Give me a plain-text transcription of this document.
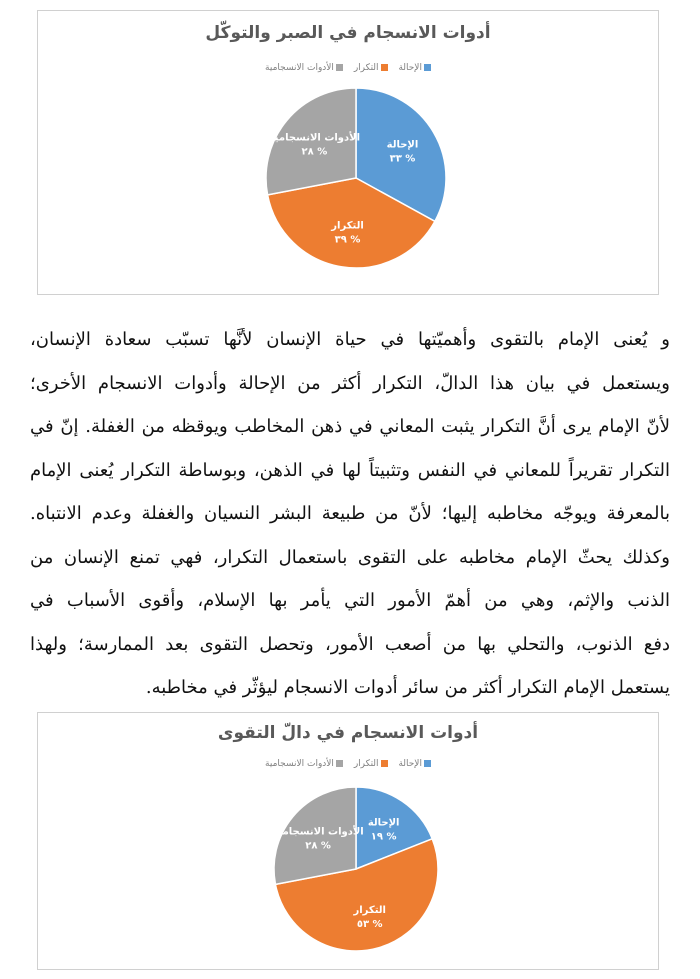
أدوات الانسجام في الصبر والتوكّل
الإحالة التكرار الأدوات الانسجامية
الإحالة
٣٣ %
التكرار
٣٩ %
الأدوات الانسجامية
٢٨ %
و يُعنى الإمام بالتقوى وأهميّتها في حياة الإنسان لأنَّها تسبّب سعادة الإنسان،
ويستعمل في بيان هذا الدالّ، التكرار أكثر من الإحالة وأدوات الانسجام الأخرى؛
لأنّ الإمام يرى أنَّ التكرار يثبت المعاني في ذهن المخاطب ويوقظه من الغفلة. إنّ في
التكرار تقريراً للمعاني في النفس وتثبيتاً لها في الذهن، وبوساطة التكرار يُعنى الإمام
بالمعرفة ويوجّه مخاطبه إليها؛ لأنّ من طبيعة البشر النسيان والغفلة وعدم الانتباه.
وكذلك يحثّ الإمام مخاطبه على التقوى باستعمال التكرار، فهي تمنع الإنسان من
الذنب والإثم، وهي من أهمّ الأمور التي يأمر بها الإسلام، وأقوى الأسباب في
دفع الذنوب، والتحلي بها من أصعب الأمور، وتحصل التقوى بعد الممارسة؛ ولهذا
يستعمل الإمام التكرار أكثر من سائر أدوات الانسجام ليؤثّر في مخاطبه.
أدوات الانسجام في دالّ التقوى
الإحالة التكرار الأدوات الانسجامية
الإحالة
١٩ %
التكرار
٥٣ %
الأدوات الانسجامية
٢٨ %
